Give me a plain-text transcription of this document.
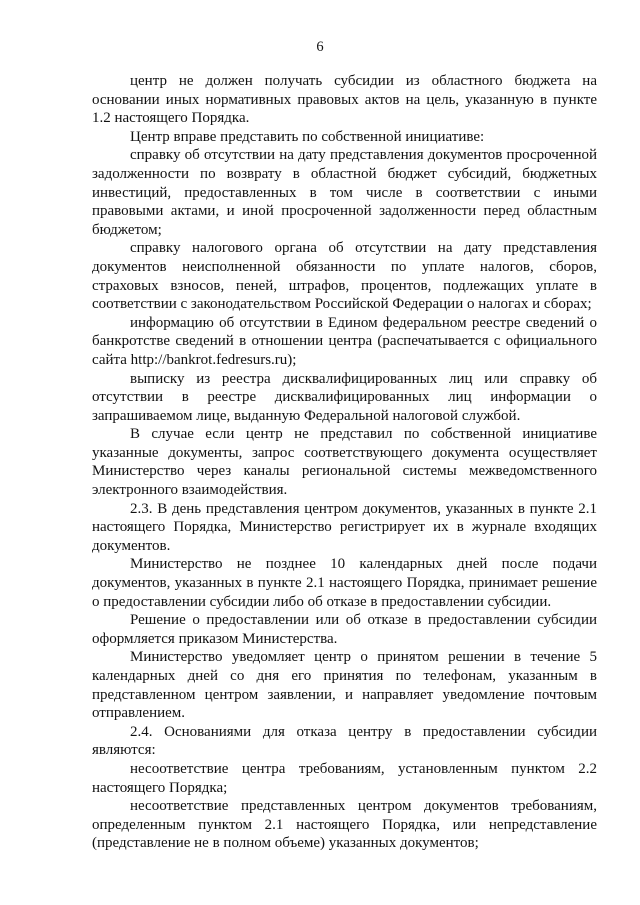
6

центр не должен получать субсидии из областного бюджета на основании иных нормативных правовых актов на цель, указанную в пункте 1.2 настоящего Порядка.

Центр вправе представить по собственной инициативе:

справку об отсутствии на дату представления документов просроченной задолженности по возврату в областной бюджет субсидий, бюджетных инвестиций, предоставленных в том числе в соответствии с иными правовыми актами, и иной просроченной задолженности перед областным бюджетом;

справку налогового органа об отсутствии на дату представления документов неисполненной обязанности по уплате налогов, сборов, страховых взносов, пеней, штрафов, процентов, подлежащих уплате в соответствии с законодательством Российской Федерации о налогах и сборах;

информацию об отсутствии в Едином федеральном реестре сведений о банкротстве сведений в отношении центра (распечатывается с официального сайта http://bankrot.fedresurs.ru);

выписку из реестра дисквалифицированных лиц или справку об отсутствии в реестре дисквалифицированных лиц информации о запрашиваемом лице, выданную Федеральной налоговой службой.

В случае если центр не представил по собственной инициативе указанные документы, запрос соответствующего документа осуществляет Министерство через каналы региональной системы межведомственного электронного взаимодействия.

2.3. В день представления центром документов, указанных в пункте 2.1 настоящего Порядка, Министерство регистрирует их в журнале входящих документов.

Министерство не позднее 10 календарных дней после подачи документов, указанных в пункте 2.1 настоящего Порядка, принимает решение о предоставлении субсидии либо об отказе в предоставлении субсидии.

Решение о предоставлении или об отказе в предоставлении субсидии оформляется приказом Министерства.

Министерство уведомляет центр о принятом решении в течение 5 календарных дней со дня его принятия по телефонам, указанным в представленном центром заявлении, и направляет уведомление почтовым отправлением.

2.4. Основаниями для отказа центру в предоставлении субсидии являются:

несоответствие центра требованиям, установленным пунктом 2.2 настоящего Порядка;

несоответствие представленных центром документов требованиям, определенным пунктом 2.1 настоящего Порядка, или непредставление (представление не в полном объеме) указанных документов;
